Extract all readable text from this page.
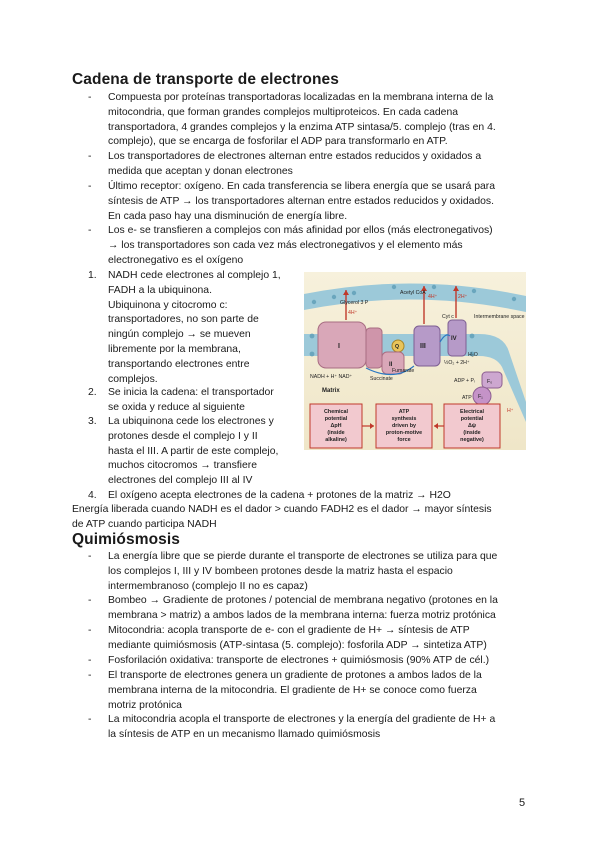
Cadena de transporte de electrones
- Compuesta por proteínas transportadoras localizadas en la membrana interna de la
mitocondria, que forman grandes complejos multiproteicos. En cada cadena
transportadora, 4 grandes complejos y la enzima ATP sintasa/5. complejo (tras en 4.
complejo), que se encarga de fosforilar el ADP para transformarlo en ATP.
- Los transportadores de electrones alternan entre estados reducidos y oxidados a
medida que aceptan y donan electrones
- Último receptor: oxígeno. En cada transferencia se libera energía que se usará para
síntesis de ATP → los transportadores alternan entre estados reducidos y oxidados.
En cada paso hay una disminución de energía libre.
- Los e- se transfieren a complejos con más afinidad por ellos (más electronegativos)
→ los transportadores son cada vez más electronegativos y el elemento más
electronegativo es el oxígeno
1. NADH cede electrones al complejo 1,
FADH a la ubiquinona.
Ubiquinona y citocromo c:
transportadores, no son parte de
ningún complejo → se mueven
libremente por la membrana,
transportando electrones entre
complejos.
2. Se inicia la cadena: el transportador
se oxida y reduce al siguiente
3. La ubiquinona cede los electrones y
protones desde el complejo I y II
hasta el III. A partir de este complejo,
muchos citocromos → transfiere
electrones del complejo III al IV
4. El oxígeno acepta electrones de la cadena + protones de la matriz → H2O
Energía liberada cuando NADH es el dador > cuando FADH2 es el dador → mayor síntesis
de ATP cuando participa NADH
Glycerol 3 P
Acetyl CoA
4H⁺
4H⁺	2H⁺
Cyt c	Intermembrane space
Q
I
II
III
IV
NADH + H⁺ NAD⁺	Succinate
Fumarate
½O₂ + 2H⁺
H₂O
ADP + Pᵢ
ATP
Matrix
F₀
F₁
H⁺
Chemical
potential
ΔpH
(inside
alkaline)
ATP
synthesis
driven by
proton-motive
force
Electrical
potential
Δψ
(inside
negative)
Quimiósmosis
- La energía libre que se pierde durante el transporte de electrones se utiliza para que
los complejos I, III y IV bombeen protones desde la matriz hasta el espacio
intermembranoso (complejo II no es capaz)
- Bombeo → Gradiente de protones / potencial de membrana negativo (protones en la
membrana > matriz) a ambos lados de la membrana interna: fuerza motriz protónica
- Mitocondria: acopla transporte de e- con el gradiente de H+ → síntesis de ATP
mediante quimiósmosis (ATP-sintasa (5. complejo): fosforila ADP → sintetiza ATP)
- Fosforilación oxidativa: transporte de electrones + quimiósmosis (90% ATP de cél.)
- El transporte de electrones genera un gradiente de protones a ambos lados de la
membrana interna de la mitocondria. El gradiente de H+ se conoce como fuerza
motriz protónica
- La mitocondria acopla el transporte de electrones y la energía del gradiente de H+ a
la síntesis de ATP en un mecanismo llamado quimiósmosis
5
